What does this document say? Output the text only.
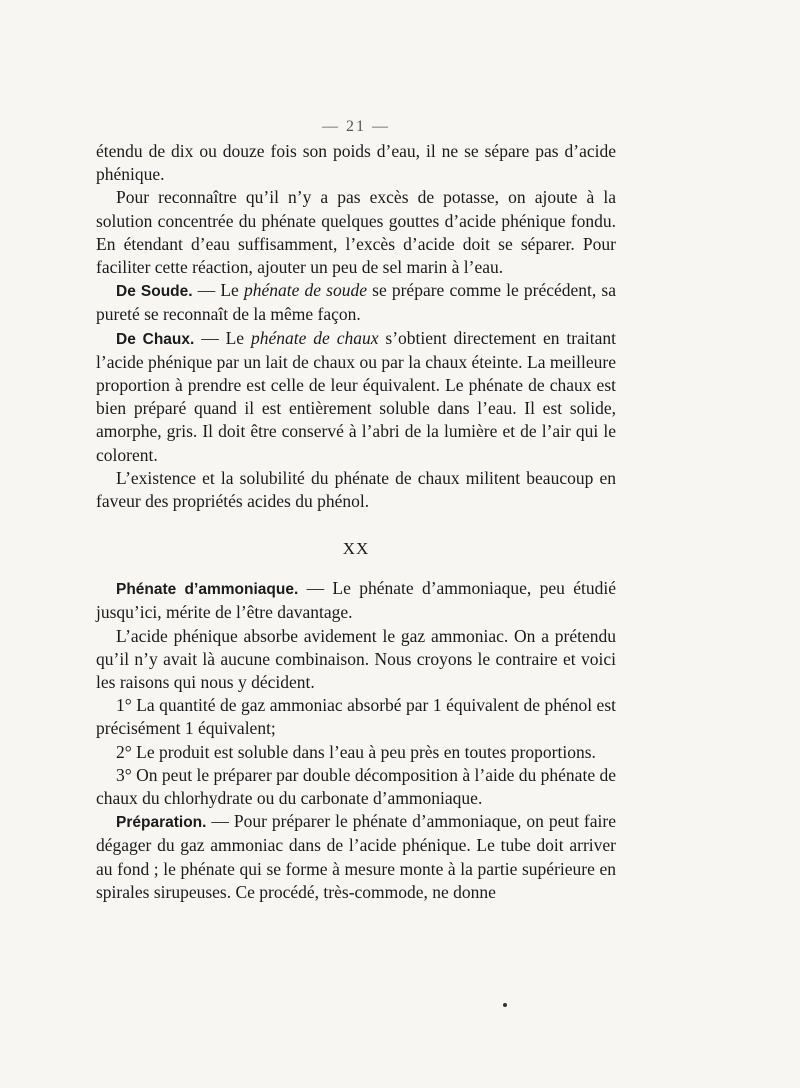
— 21 —

étendu de dix ou douze fois son poids d’eau, il ne se sépare pas d’acide phénique.

Pour reconnaître qu’il n’y a pas excès de potasse, on ajoute à la solution concentrée du phénate quelques gouttes d’acide phénique fondu. En étendant d’eau suffisamment, l’excès d’acide doit se séparer. Pour faciliter cette réaction, ajouter un peu de sel marin à l’eau.

De Soude. — Le phénate de soude se prépare comme le précédent, sa pureté se reconnaît de la même façon.

De Chaux. — Le phénate de chaux s’obtient directement en traitant l’acide phénique par un lait de chaux ou par la chaux éteinte. La meilleure proportion à prendre est celle de leur équivalent. Le phénate de chaux est bien préparé quand il est entièrement soluble dans l’eau. Il est solide, amorphe, gris. Il doit être conservé à l’abri de la lumière et de l’air qui le colorent.

L’existence et la solubilité du phénate de chaux militent beaucoup en faveur des propriétés acides du phénol.

XX

Phénate d’ammoniaque. — Le phénate d’ammoniaque, peu étudié jusqu’ici, mérite de l’être davantage.

L’acide phénique absorbe avidement le gaz ammoniac. On a prétendu qu’il n’y avait là aucune combinaison. Nous croyons le contraire et voici les raisons qui nous y décident.

1° La quantité de gaz ammoniac absorbé par 1 équivalent de phénol est précisément 1 équivalent;

2° Le produit est soluble dans l’eau à peu près en toutes proportions.

3° On peut le préparer par double décomposition à l’aide du phénate de chaux du chlorhydrate ou du carbonate d’ammoniaque.

Préparation. — Pour préparer le phénate d’ammoniaque, on peut faire dégager du gaz ammoniac dans de l’acide phénique. Le tube doit arriver au fond ; le phénate qui se forme à mesure monte à la partie supérieure en spirales sirupeuses. Ce procédé, très-commode, ne donne
